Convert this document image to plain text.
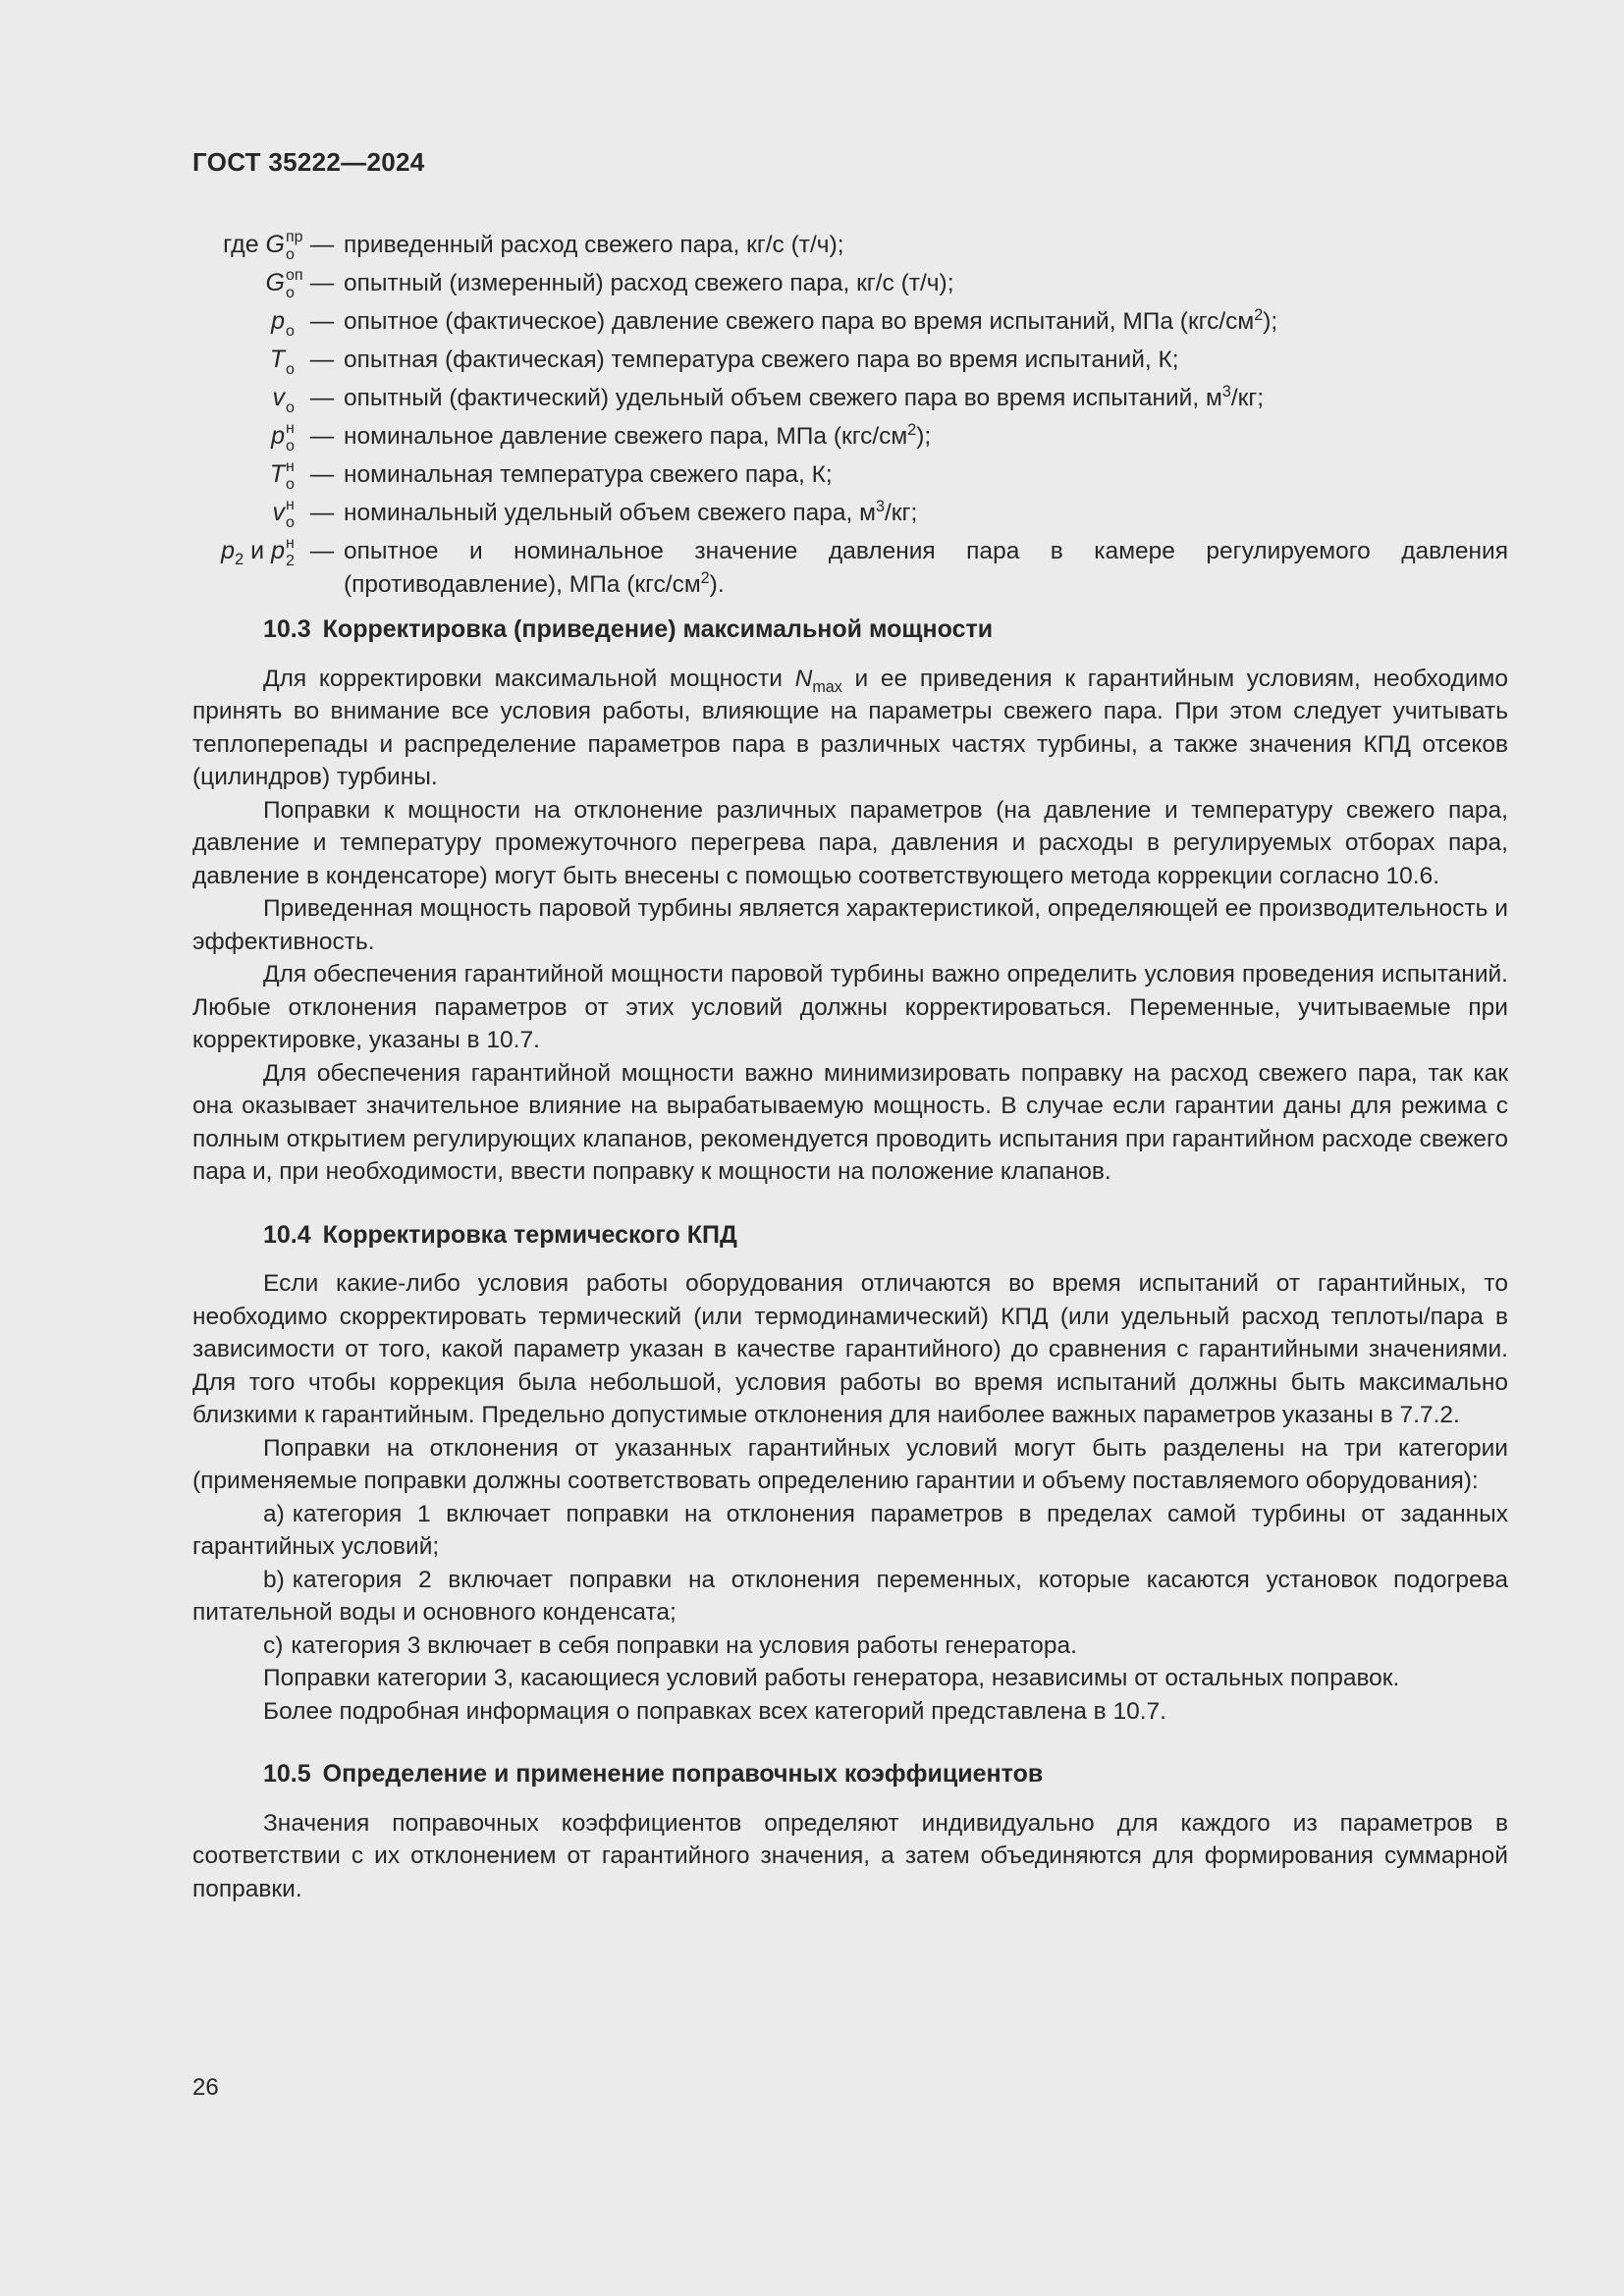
ГОСТ 35222—2024
где G пр
о — приведенный расход свежего пара, кг/с (т/ч);
G оп
о — опытный (измеренный) расход свежего пара, кг/с (т/ч);
p о — опытное (фактическое) давление свежего пара во время испытаний, МПа $(кгс/см^2)$;
T о — опытная (фактическая) температура свежего пара во время испытаний, К;
v о — опытный (фактический) удельный объем свежего пара во время испытаний, $м^3/кг$;
p н
о — номинальное давление свежего пара, МПа $(кгс/см^2)$;
T н
о — номинальная температура свежего пара, К;
v н
о — номинальный удельный объем свежего пара, $м^3/кг$;
$p_2$ и p н
2 — опытное и номинальное значение давления пара в камере регулируемого давления (противодавление), МПа $(кгс/см^2)$.
10.3 Корректировка (приведение) максимальной мощности

Для корректировки максимальной мощности $N_{max}$ и ее приведения к гарантийным условиям, необходимо принять во внимание все условия работы, влияющие на параметры свежего пара. При этом следует учитывать теплоперепады и распределение параметров пара в различных частях турбины, а также значения КПД отсеков (цилиндров) турбины.

Поправки к мощности на отклонение различных параметров (на давление и температуру свежего пара, давление и температуру промежуточного перегрева пара, давления и расходы в регулируемых отборах пара, давление в конденсаторе) могут быть внесены с помощью соответствующего метода коррекции согласно 10.6.

Приведенная мощность паровой турбины является характеристикой, определяющей ее производительность и эффективность.

Для обеспечения гарантийной мощности паровой турбины важно определить условия проведения испытаний. Любые отклонения параметров от этих условий должны корректироваться. Переменные, учитываемые при корректировке, указаны в 10.7.

Для обеспечения гарантийной мощности важно минимизировать поправку на расход свежего пара, так как она оказывает значительное влияние на вырабатываемую мощность. В случае если гарантии даны для режима с полным открытием регулирующих клапанов, рекомендуется проводить испытания при гарантийном расходе свежего пара и, при необходимости, ввести поправку к мощности на положение клапанов.

10.4 Корректировка термического КПД

Если какие-либо условия работы оборудования отличаются во время испытаний от гарантийных, то необходимо скорректировать термический (или термодинамический) КПД (или удельный расход теплоты/пара в зависимости от того, какой параметр указан в качестве гарантийного) до сравнения с гарантийными значениями. Для того чтобы коррекция была небольшой, условия работы во время испытаний должны быть максимально близкими к гарантийным. Предельно допустимые отклонения для наиболее важных параметров указаны в 7.7.2.

Поправки на отклонения от указанных гарантийных условий могут быть разделены на три категории (применяемые поправки должны соответствовать определению гарантии и объему поставляемого оборудования):

a) категория 1 включает поправки на отклонения параметров в пределах самой турбины от заданных гарантийных условий;

b) категория 2 включает поправки на отклонения переменных, которые касаются установок подогрева питательной воды и основного конденсата;

c) категория 3 включает в себя поправки на условия работы генератора.

Поправки категории 3, касающиеся условий работы генератора, независимы от остальных поправок.

Более подробная информация о поправках всех категорий представлена в 10.7.

10.5 Определение и применение поправочных коэффициентов

Значения поправочных коэффициентов определяют индивидуально для каждого из параметров в соответствии с их отклонением от гарантийного значения, а затем объединяются для формирования суммарной поправки.

26
